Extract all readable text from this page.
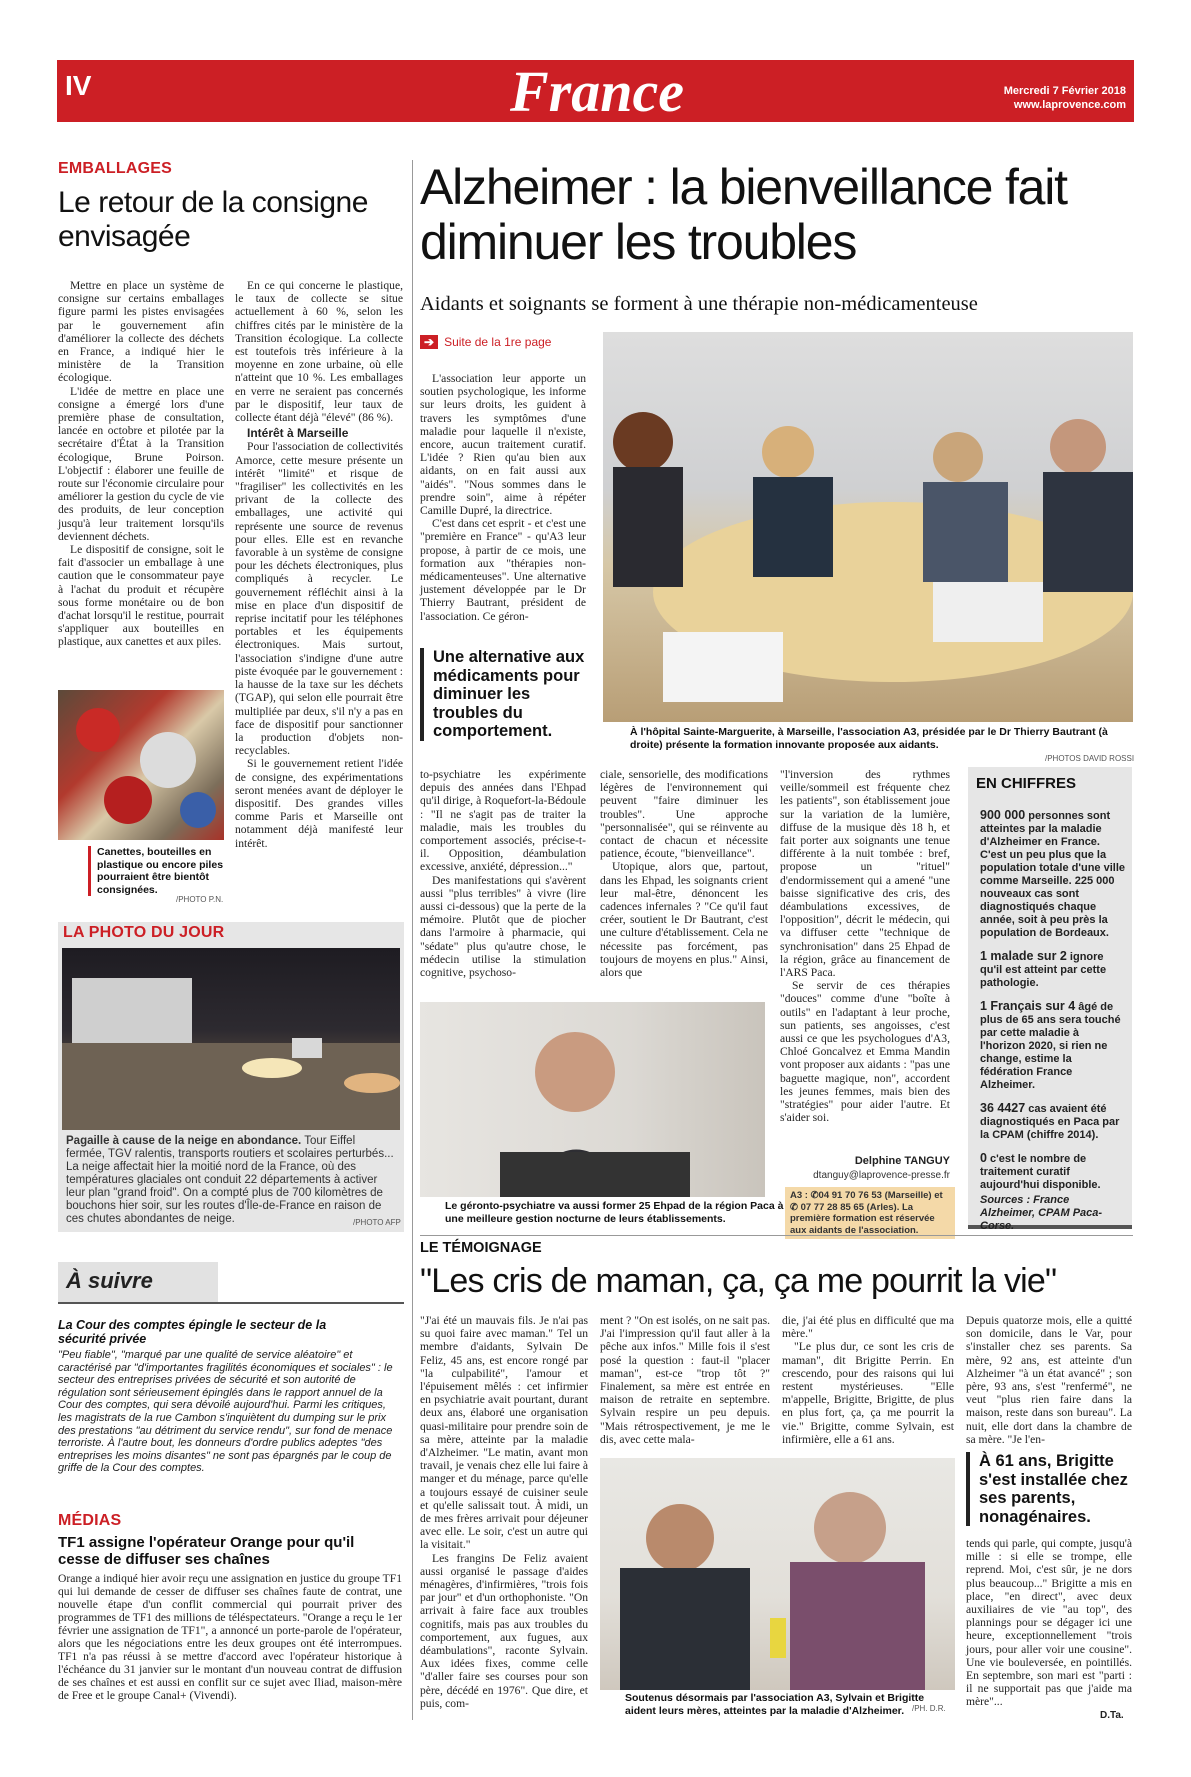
IV	France	Mercredi 7 Février 2018
www.laprovence.com
EMBALLAGES
Le retour de la consigne envisagée

Mettre en place un système de consigne sur certains emballages figure parmi les pistes envisagées par le gouvernement afin d'améliorer la collecte des déchets en France, a indiqué hier le ministère de la Transition écologique.

L'idée de mettre en place une consigne a émergé lors d'une première phase de consultation, lancée en octobre et pilotée par la secrétaire d'État à la Transition écologique, Brune Poirson. L'objectif : élaborer une feuille de route sur l'économie circulaire pour améliorer la gestion du cycle de vie des produits, de leur conception jusqu'à leur traitement lorsqu'ils deviennent déchets.

Le dispositif de consigne, soit le fait d'associer un emballage à une caution que le consommateur paye à l'achat du produit et récupère sous forme monétaire ou de bon d'achat lorsqu'il le restitue, pourrait s'appliquer aux bouteilles en plastique, aux canettes et aux piles.

En ce qui concerne le plastique, le taux de collecte se situe actuellement à 60 %, selon les chiffres cités par le ministère de la Transition écologique. La collecte est toutefois très inférieure à la moyenne en zone urbaine, où elle n'atteint que 10 %. Les emballages en verre ne seraient pas concernés par le dispositif, leur taux de collecte étant déjà "élevé" (86 %).

Intérêt à Marseille

Pour l'association de collectivités Amorce, cette mesure présente un intérêt "limité" et risque de "fragiliser" les collectivités en les privant de la collecte des emballages, une activité qui représente une source de revenus pour elles. Elle est en revanche favorable à un système de consigne pour les déchets électroniques, plus compliqués à recycler. Le gouvernement réfléchit ainsi à la mise en place d'un dispositif de reprise incitatif pour les téléphones portables et les équipements électroniques. Mais surtout, l'association s'indigne d'une autre piste évoquée par le gouvernement : la hausse de la taxe sur les déchets (TGAP), qui selon elle pourrait être multipliée par deux, s'il n'y a pas en face de dispositif pour sanctionner la production d'objets non-recyclables.

Si le gouvernement retient l'idée de consigne, des expérimentations seront menées avant de déployer le dispositif. Des grandes villes comme Paris et Marseille ont notamment déjà manifesté leur intérêt.

Canettes, bouteilles en plastique ou encore piles pourraient être bientôt consignées.
/PHOTO P.N.
LA PHOTO DU JOUR
Pagaille à cause de la neige en abondance. Tour Eiffel fermée, TGV ralentis, transports routiers et scolaires perturbés... La neige affectait hier la moitié nord de la France, où des températures glaciales ont conduit 22 départements à activer leur plan "grand froid". On a compté plus de 700 kilomètres de bouchons hier soir, sur les routes d'Île-de-France en raison de ces chutes abondantes de neige.	/PHOTO AFP
À suivre
La Cour des comptes épingle le secteur de la sécurité privée
"Peu fiable", "marqué par une qualité de service aléatoire" et caractérisé par "d'importantes fragilités économiques et sociales" : le secteur des entreprises privées de sécurité et son autorité de régulation sont sérieusement épinglés dans le rapport annuel de la Cour des comptes, qui sera dévoilé aujourd'hui. Parmi les critiques, les magistrats de la rue Cambon s'inquiètent du dumping sur le prix des prestations "au détriment du service rendu", sur fond de menace terroriste. À l'autre bout, les donneurs d'ordre publics adeptes "des entreprises les moins disantes" ne sont pas épargnés par le coup de griffe de la Cour des comptes.
MÉDIAS
TF1 assigne l'opérateur Orange pour qu'il cesse de diffuser ses chaînes

Orange a indiqué hier avoir reçu une assignation en justice du groupe TF1 qui lui demande de cesser de diffuser ses chaînes faute de contrat, une nouvelle étape d'un conflit commercial qui pourrait priver des programmes de TF1 des millions de téléspectateurs. "Orange a reçu le 1er février une assignation de TF1", a annoncé un porte-parole de l'opérateur, alors que les négociations entre les deux groupes ont été interrompues. TF1 n'a pas réussi à se mettre d'accord avec l'opérateur historique à l'échéance du 31 janvier sur le montant d'un nouveau contrat de diffusion de ses chaînes et est aussi en conflit sur ce sujet avec Iliad, maison-mère de Free et le groupe Canal+ (Vivendi).

Alzheimer : la bienveillance fait diminuer les troubles
Aidants et soignants se forment à une thérapie non-médicamenteuse
➔ Suite de la 1re page

L'association leur apporte un soutien psychologique, les informe sur leurs droits, les guident à travers les symptômes d'une maladie pour laquelle il n'existe, encore, aucun traitement curatif. L'idée ? Rien qu'au bien aux aidants, on en fait aussi aux "aidés". "Nous sommes dans le prendre soin", aime à répéter Camille Dupré, la directrice.

C'est dans cet esprit - et c'est une "première en France" - qu'A3 leur propose, à partir de ce mois, une formation aux "thérapies non-médicamenteuses". Une alternative justement développée par le Dr Thierry Bautrant, président de l'association. Ce géron-

Une alternative aux médicaments pour diminuer les troubles du comportement.	À l'hôpital Sainte-Marguerite, à Marseille, l'association A3, présidée par le Dr Thierry Bautrant (à droite) présente la formation innovante proposée aux aidants.
/PHOTOS DAVID ROSSI

to-psychiatre les expérimente depuis des années dans l'Ehpad qu'il dirige, à Roquefort-la-Bédoule : "Il ne s'agit pas de traiter la maladie, mais les troubles du comportement associés, précise-t-il. Opposition, déambulation excessive, anxiété, dépression..."

Des manifestations qui s'avèrent aussi "plus terribles" à vivre (lire aussi ci-dessous) que la perte de la mémoire. Plutôt que de piocher dans l'armoire à pharmacie, qui "sédate" plus qu'autre chose, le médecin utilise la stimulation cognitive, psychoso-

ciale, sensorielle, des modifications légères de l'environnement qui peuvent "faire diminuer les troubles". Une approche "personnalisée", qui se réinvente au contact de chacun et nécessite patience, écoute, "bienveillance".

Utopique, alors que, partout, dans les Ehpad, les soignants crient leur mal-être, dénoncent les cadences infernales ? "Ce qu'il faut créer, soutient le Dr Bautrant, c'est une culture d'établissement. Cela ne nécessite pas forcément, pas toujours de moyens en plus." Ainsi, alors que

"l'inversion des rythmes veille/sommeil est fréquente chez les patients", son établissement joue sur la variation de la lumière, diffuse de la musique dès 18 h, et fait porter aux soignants une tenue différente à la nuit tombée : bref, propose un "rituel" d'endormissement qui a amené "une baisse significative des cris, des déambulations excessives, de l'opposition", décrit le médecin, qui va diffuser cette "technique de synchronisation" dans 25 Ehpad de la région, grâce au financement de l'ARS Paca.

Se servir de ces thérapies "douces" comme d'une "boîte à outils" en l'adaptant à leur proche, sun patients, ses angoisses, c'est aussi ce que les psychologues d'A3, Chloé Goncalvez et Emma Mandin vont proposer aux aidants : "pas une baguette magique, non", accordent les jeunes femmes, mais bien des "stratégies" pour aider l'autre. Et s'aider soi.

Le géronto-psychiatre va aussi former 25 Ehpad de la région Paca à une meilleure gestion nocturne de leurs établissements.
Delphine TANGUY
dtanguy@laprovence-presse.fr
A3 : ✆04 91 70 76 53 (Marseille) et ✆ 07 77 28 85 65 (Arles). La première formation est réservée aux aidants de l'association.
EN CHIFFRES

900 000 personnes sont atteintes par la maladie d'Alzheimer en France. C'est un peu plus que la population totale d'une ville comme Marseille. 225 000 nouveaux cas sont diagnostiqués chaque année, soit à peu près la population de Bordeaux.

1 malade sur 2 ignore qu'il est atteint par cette pathologie.

1 Français sur 4 âgé de plus de 65 ans sera touché par cette maladie à l'horizon 2020, si rien ne change, estime la fédération France Alzheimer.

36 4427 cas avaient été diagnostiqués en Paca par la CPAM (chiffre 2014).

0 c'est le nombre de traitement curatif aujourd'hui disponible.

Sources : France Alzheimer, CPAM Paca-Corse.

LE TÉMOIGNAGE
"Les cris de maman, ça, ça me pourrit la vie"

"J'ai été un mauvais fils. Je n'ai pas su quoi faire avec maman." Tel un membre d'aidants, Sylvain De Feliz, 45 ans, est encore rongé par "la culpabilité", l'amour et l'épuisement mêlés : cet infirmier en psychiatrie avait pourtant, durant deux ans, élaboré une organisation quasi-militaire pour prendre soin de sa mère, atteinte par la maladie d'Alzheimer. "Le matin, avant mon travail, je venais chez elle lui faire à manger et du ménage, parce qu'elle a toujours essayé de cuisiner seule et qu'elle salissait tout. À midi, un de mes frères arrivait pour déjeuner avec elle. Le soir, c'est un autre qui la visitait."

Les frangins De Feliz avaient aussi organisé le passage d'aides ménagères, d'infirmières, "trois fois par jour" et d'un orthophoniste. "On arrivait à faire face aux troubles cognitifs, mais pas aux troubles du comportement, aux fugues, aux déambulations", raconte Sylvain. Aux idées fixes, comme celle "d'aller faire ses courses pour son père, décédé en 1976". Que dire, et puis, com-

ment ? "On est isolés, on ne sait pas. J'ai l'impression qu'il faut aller à la pêche aux infos." Mille fois il s'est posé la question : faut-il "placer maman", est-ce "trop tôt ?" Finalement, sa mère est entrée en maison de retraite en septembre. Sylvain respire un peu depuis. "Mais rétrospectivement, je me le dis, avec cette mala-

die, j'ai été plus en difficulté que ma mère."

"Le plus dur, ce sont les cris de maman", dit Brigitte Perrin. En crescendo, pour des raisons qui lui restent mystérieuses. "Elle m'appelle, Brigitte, Brigitte, de plus en plus fort, ça, ça me pourrit la vie." Brigitte, comme Sylvain, est infirmière, elle a 61 ans.

Depuis quatorze mois, elle a quitté son domicile, dans le Var, pour s'installer chez ses parents. Sa mère, 92 ans, est atteinte d'un Alzheimer "à un état avancé" ; son père, 93 ans, s'est "renfermé", ne veut "plus rien faire dans la maison, reste dans son bureau". La nuit, elle dort dans la chambre de sa mère. "Je l'en-

À 61 ans, Brigitte s'est installée chez ses parents, nonagénaires.

tends qui parle, qui compte, jusqu'à mille : si elle se trompe, elle reprend. Moi, c'est sûr, je ne dors plus beaucoup..." Brigitte a mis en place, "en direct", avec deux auxiliaires de vie "au top", des plannings pour se dégager ici une heure, exceptionnellement "trois jours, pour aller voir une cousine". Une vie bouleversée, en pointillés. En septembre, son mari est "parti : il ne supportait pas que j'aide ma mère"...

D.Ta.
Soutenus désormais par l'association A3, Sylvain et Brigitte aident leurs mères, atteintes par la maladie d'Alzheimer. /PH. D.R.
